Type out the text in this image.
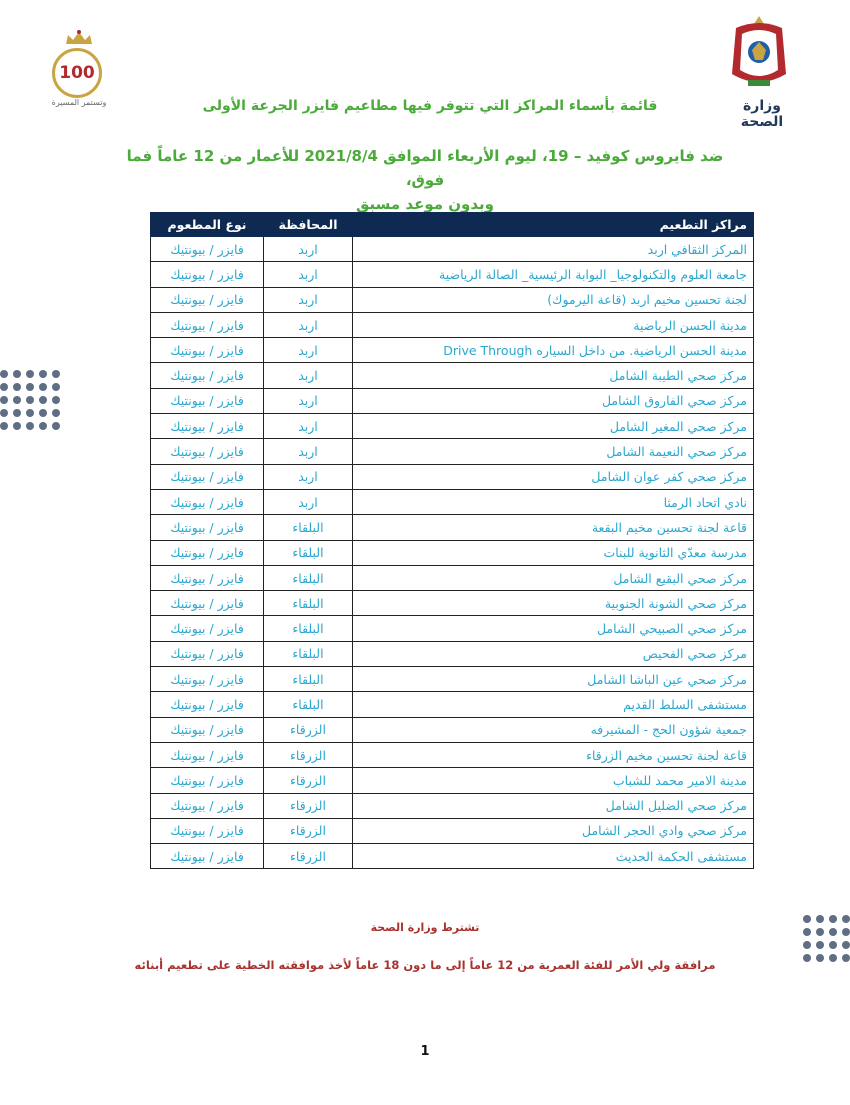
100
وتستمر المسيرة	وزارة الصحة
قائمة بأسماء المراكز التي تتوفر فيها مطاعيم فايزر الجرعة الأولى
ضد فايروس كوفيد – 19، ليوم الأربعاء الموافق 2021/8/4 للأعمار من 12 عاماً فما فوق،
وبدون موعد مسبق
مراكز التطعيم	المحافظة	نوع المطعوم
المركز الثقافي اربد	اربد	فايزر / بيونتيك
جامعة العلوم والتكنولوجيا_ البوابة الرئيسية_ الصالة الرياضية	اربد	فايزر / بيونتيك
لجنة تحسين مخيم اربد (قاعة اليرموك)	اربد	فايزر / بيونتيك
مدينة الحسن الرياضية	اربد	فايزر / بيونتيك
مدينة الحسن الرياضية. من داخل السياره Drive Through	اربد	فايزر / بيونتيك
مركز صحي الطيبة الشامل	اربد	فايزر / بيونتيك
مركز صحي الفاروق الشامل	اربد	فايزر / بيونتيك
مركز صحي المغير الشامل	اربد	فايزر / بيونتيك
مركز صحي النعيمة الشامل	اربد	فايزر / بيونتيك
مركز صحي كفر عوان الشامل	اربد	فايزر / بيونتيك
نادي اتحاد الرمثا	اربد	فايزر / بيونتيك
قاعة لجنة تحسين مخيم البقعة	البلقاء	فايزر / بيونتيك
مدرسة معدّي الثانوية للبنات	البلقاء	فايزر / بيونتيك
مركز صحي البقيع الشامل	البلقاء	فايزر / بيونتيك
مركز صحي الشونة الجنوبية	البلقاء	فايزر / بيونتيك
مركز صحي الصبيحي الشامل	البلقاء	فايزر / بيونتيك
مركز صحي الفحيص	البلقاء	فايزر / بيونتيك
مركز صحي عين الباشا الشامل	البلقاء	فايزر / بيونتيك
مستشفى السلط القديم	البلقاء	فايزر / بيونتيك
جمعية شؤون الحج - المشيرفه	الزرقاء	فايزر / بيونتيك
قاعة لجنة تحسين مخيم الزرقاء	الزرقاء	فايزر / بيونتيك
مدينة الامير محمد للشباب	الزرقاء	فايزر / بيونتيك
مركز صحي الضليل الشامل	الزرقاء	فايزر / بيونتيك
مركز صحي وادي الحجر الشامل	الزرقاء	فايزر / بيونتيك
مستشفى الحكمة الحديث	الزرقاء	فايزر / بيونتيك
تشترط وزارة الصحة
مرافقة ولي الأمر للفئة العمرية من 12 عاماً إلى ما دون 18 عاماً لأخذ موافقته الخطية على تطعيم أبنائه
1
